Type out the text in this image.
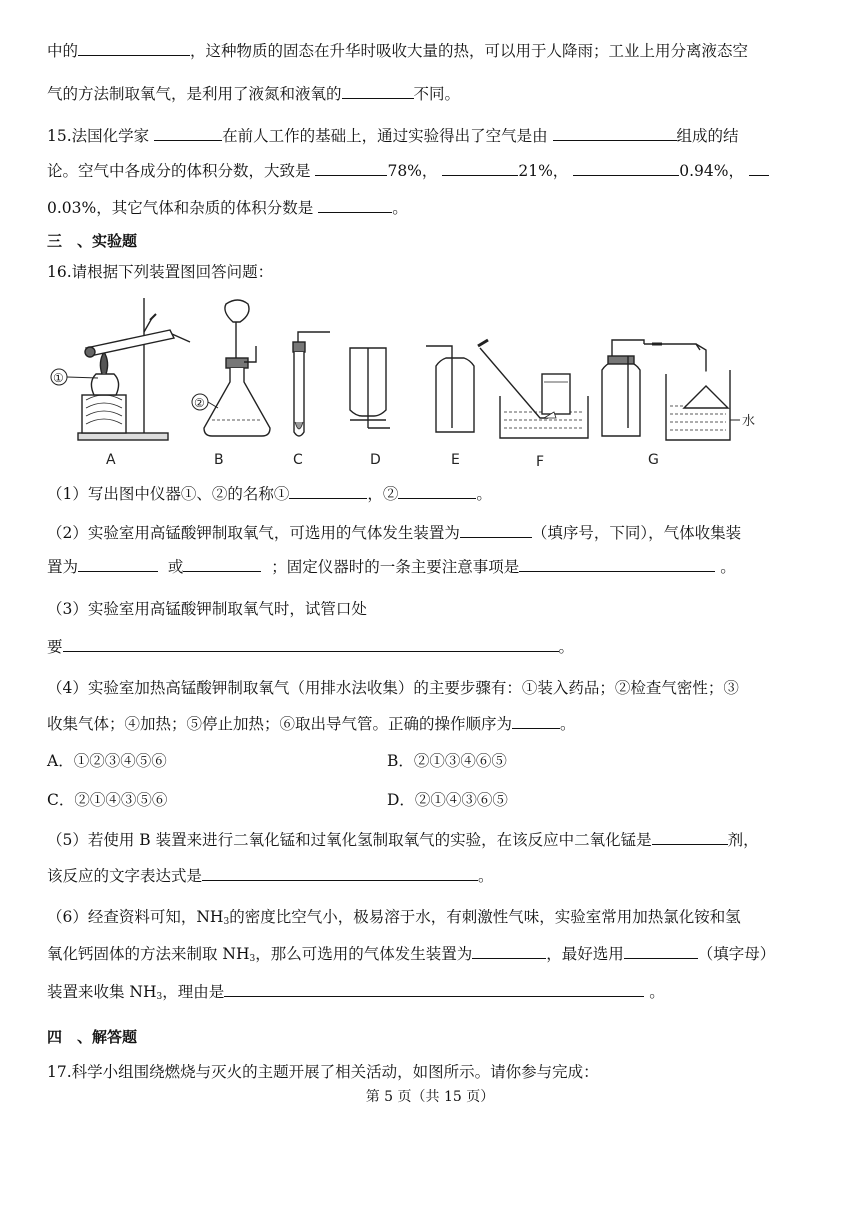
中的	，这种物质的固态在升华时吸收大量的热，可以用于人降雨；工业上用分离液态空
气的方法制取氧气，是利用了液氮和液氧的	不同。
15.法国化学家	在前人工作的基础上，通过实验得出了空气是由	组成的结
论。空气中各成分的体积分数，大致是	78%，	21%，	0.94%，
0.03%，其它气体和杂质的体积分数是	。
三　、实验题
16.请根据下列装置图回答问题：
①
②
水
A	B	C	D	E	F	G
（1）写出图中仪器①、②的名称①	，②	。
（2）实验室用高锰酸钾制取氧气，可选用的气体发生装置为	（填序号，下同），气体收集装
置为	或	；固定仪器时的一条主要注意事项是	。
（3）实验室用高锰酸钾制取氧气时，试管口处
要	。
（4）实验室加热高锰酸钾制取氧气（用排水法收集）的主要步骤有：①装入药品；②检查气密性；③
收集气体；④加热；⑤停止加热；⑥取出导气管。正确的操作顺序为	。
A．①②③④⑤⑥	B．②①③④⑥⑤
C．②①④③⑤⑥	D．②①④③⑥⑤
（5）若使用 B 装置来进行二氧化锰和过氧化氢制取氧气的实验，在该反应中二氧化锰是	剂，
该反应的文字表达式是	。
（6）经查资料可知，$NH_3$的密度比空气小，极易溶于水，有刺激性气味，实验室常用加热氯化铵和氢
氧化钙固体的方法来制取 $NH_3$，那么可选用的气体发生装置为	，最好选用	（填字母）
装置来收集 $NH_3$，理由是	。
四　、解答题
17.科学小组围绕燃烧与灭火的主题开展了相关活动，如图所示。请你参与完成：
第 5 页（共 15 页）
